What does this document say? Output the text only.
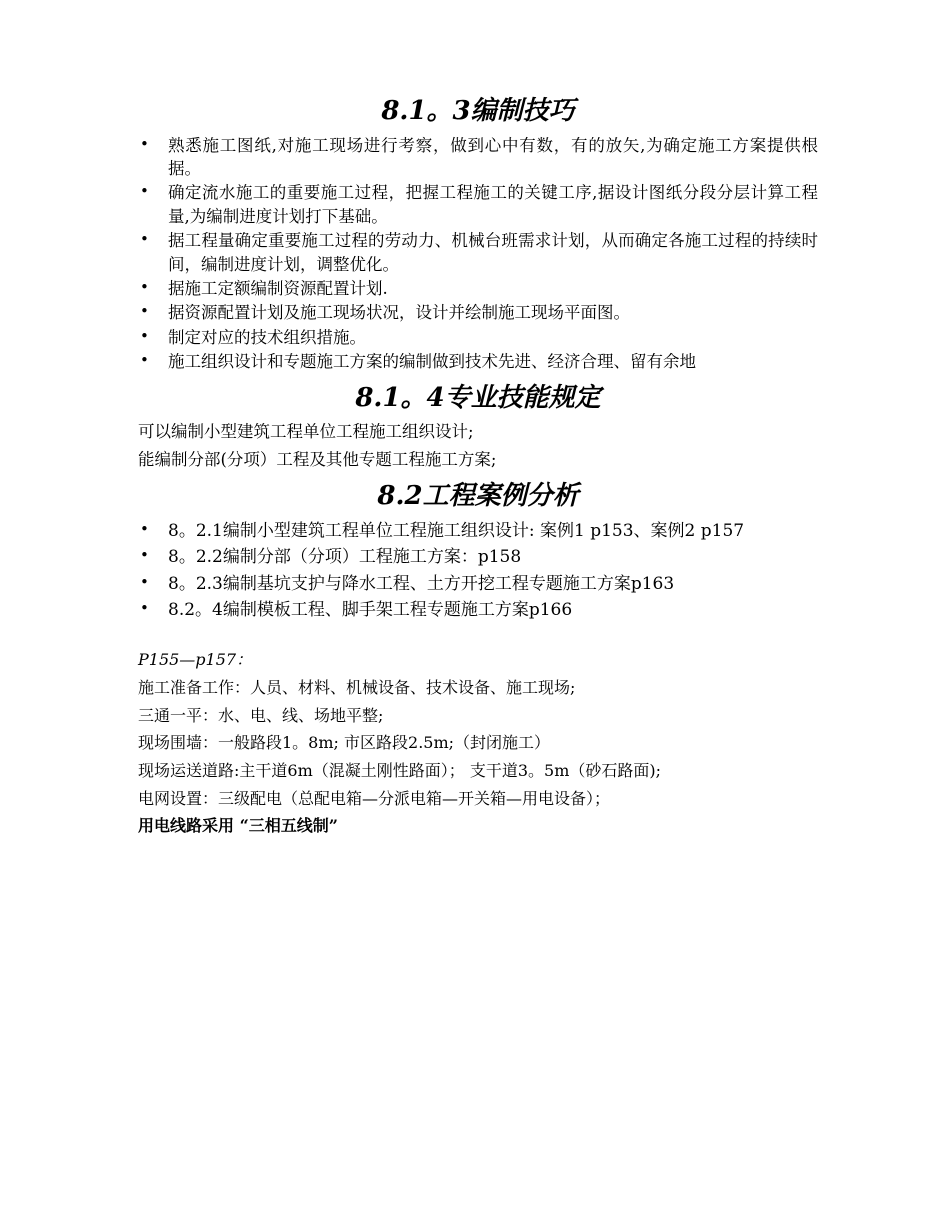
8.1。3编制技巧
• 熟悉施工图纸,对施工现场进行考察，做到心中有数，有的放矢,为确定施工方案提供根据。
• 确定流水施工的重要施工过程，把握工程施工的关键工序,据设计图纸分段分层计算工程量,为编制进度计划打下基础。
• 据工程量确定重要施工过程的劳动力、机械台班需求计划，从而确定各施工过程的持续时间，编制进度计划，调整优化。
• 据施工定额编制资源配置计划.
• 据资源配置计划及施工现场状况，设计并绘制施工现场平面图。
• 制定对应的技术组织措施。
• 施工组织设计和专题施工方案的编制做到技术先进、经济合理、留有余地
8.1。4专业技能规定

可以编制小型建筑工程单位工程施工组织设计;

能编制分部(分项）工程及其他专题工程施工方案;

8.2工程案例分析
• 8。2.1编制小型建筑工程单位工程施工组织设计: 案例1 p153、案例2 p157
• 8。2.2编制分部（分项）工程施工方案：p158
• 8。2.3编制基坑支护与降水工程、土方开挖工程专题施工方案p163
• 8.2。4编制模板工程、脚手架工程专题施工方案p166

P155—p157：

施工准备工作：人员、材料、机械设备、技术设备、施工现场;

三通一平：水、电、线、场地平整;

现场围墙：一般路段1。8m; 市区路段2.5m;（封闭施工）

现场运送道路:主干道6m（混凝土刚性路面）； 支干道3。5m（砂石路面);

电网设置：三级配电（总配电箱—分派电箱—开关箱—用电设备）；

用电线路采用 “三相五线制”
